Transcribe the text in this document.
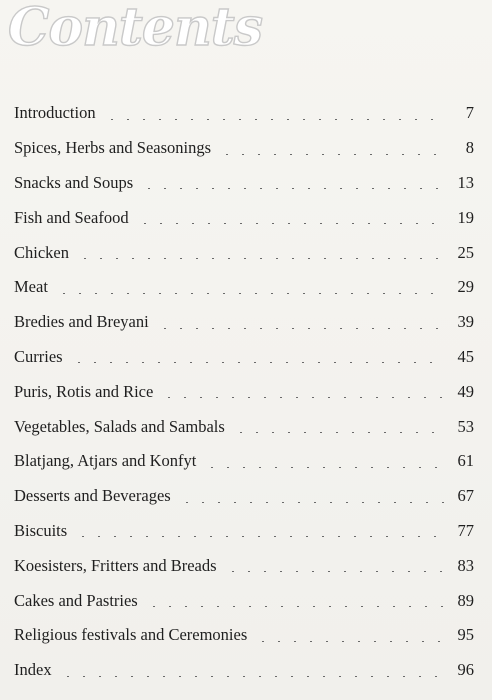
Contents
Introduction	7
Spices, Herbs and Seasonings	8
Snacks and Soups	13
Fish and Seafood	19
Chicken	25
Meat	29
Bredies and Breyani	39
Curries	45
Puris, Rotis and Rice	49
Vegetables, Salads and Sambals	53
Blatjang, Atjars and Konfyt	61
Desserts and Beverages	67
Biscuits	77
Koesisters, Fritters and Breads	83
Cakes and Pastries	89
Religious festivals and Ceremonies	95
Index	96
